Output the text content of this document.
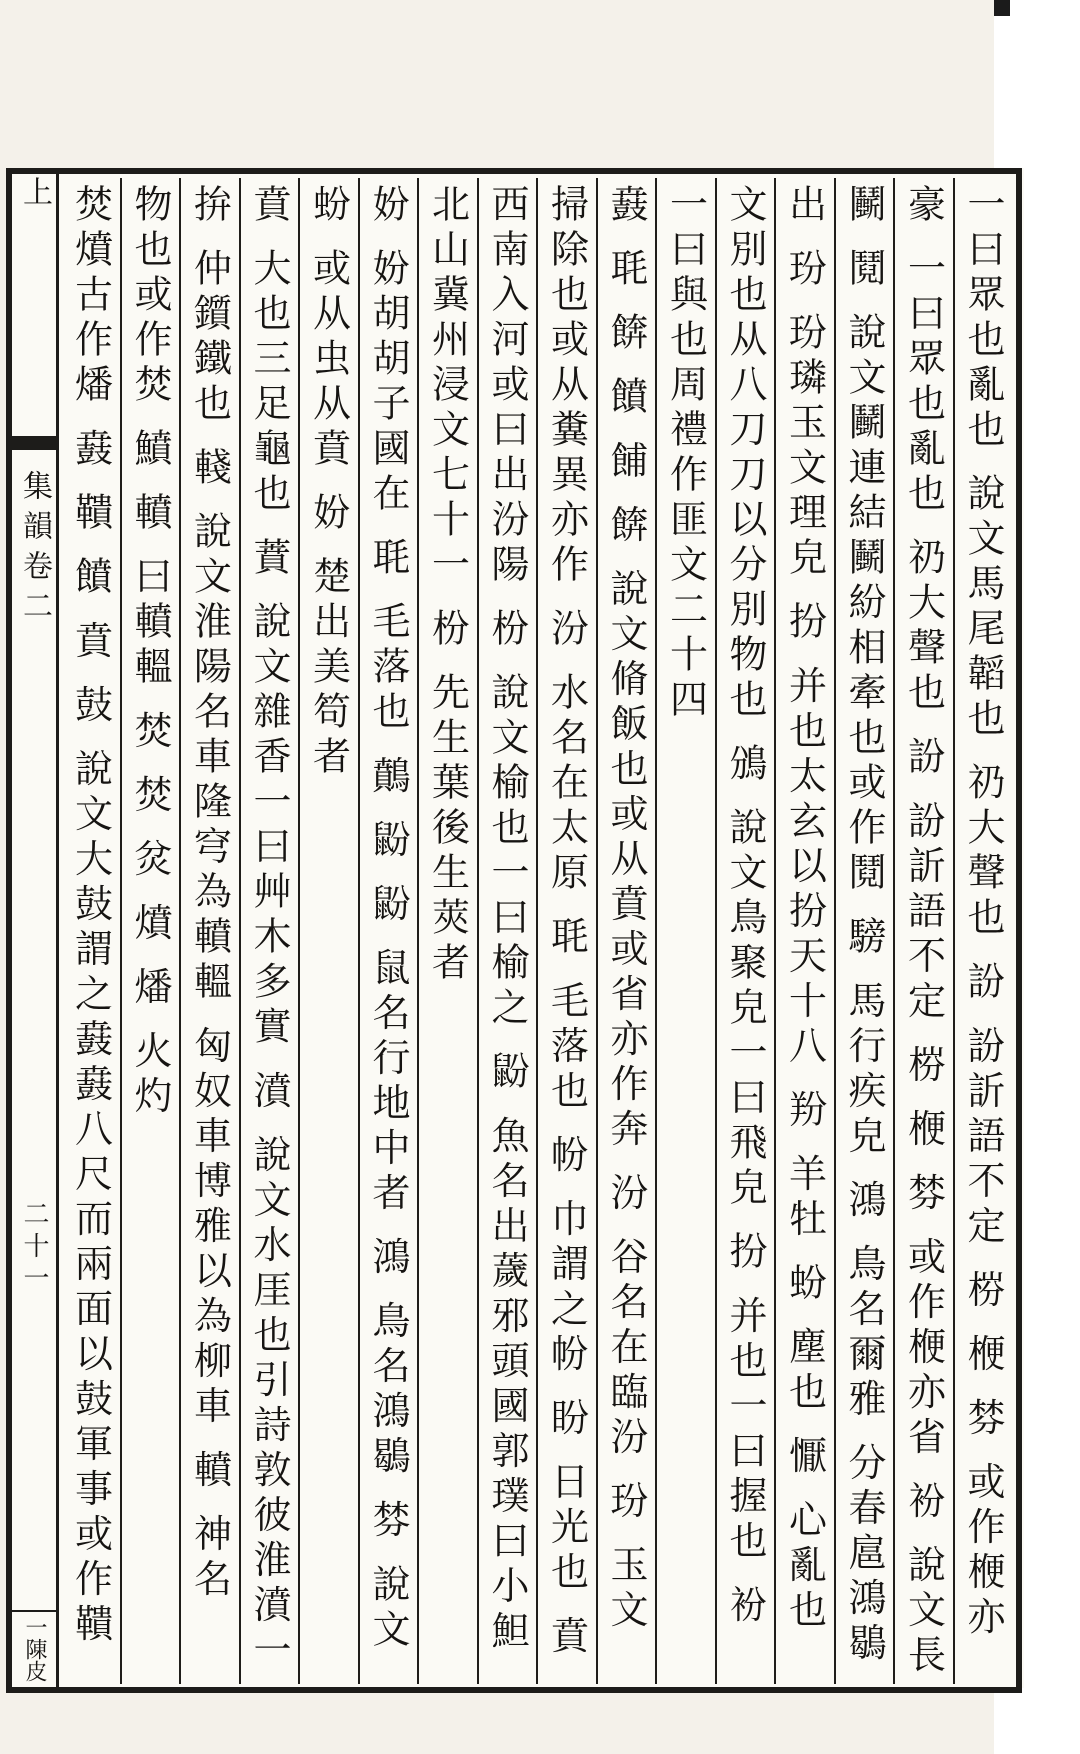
上
集韻卷二
二十一
一陳皮
一曰眾也亂也 說文馬尾韜也 礽大聲也 訜 訜訢語不定 梤 楩 棼 或作楩亦
豪 一曰眾也亂也 礽大聲也 訜 訜訢語不定 梤 楩 棼 或作楩亦省 衯 說文長
鬭 鬩 說文鬭連結鬭紛相牽也或作鬩 騯 馬行疾皃 鴻 鳥名爾雅 分春扈鴻鶡
出 玢 玢璘玉文理皃 扮 并也太玄以扮天十八 羒 羊牡 蚡 塵也 懨 心亂也
文別也从八刀刀以分別物也 鳻 說文鳥聚皃一曰飛皃 扮 并也一曰握也 衯
一曰與也周禮作匪文二十四
鼖 毦 餴 饙 餔 餴 說文脩飯也或从賁或省亦作奔 汾 谷名在臨汾 玢 玉文
掃除也或从糞異亦作 汾 水名在太原 毦 毛落也 帉 巾謂之帉 盼 日光也 賁
西南入河或曰出汾陽 枌 說文榆也一曰榆之 鼢 魚名出薉邪頭國郭璞曰小䱇
北山冀州浸文七十一 枌 先生葉後生莢者
妢 妢胡胡子國在 毦 毛落也 䴅 鼢 鼢 鼠名行地中者 鴻 鳥名鴻鶡 棼 說文
蚡 或从虫从賁 妢 楚出美笱者
賁 大也三足龜也 蕡 說文雜香一曰艸木多實 濆 說文水厓也引詩敦彼淮濆一
拚 仲鑕鐵也 輚 說文淮陽名車隆穹為轒轀 匈奴車博雅以為柳車 轒 神名
物也或作焚 鱝 轒 曰轒轀 焚 焚 炃 燌 燔 火灼
焚燌古作燔 鼖 鞼 饙 賁 鼓 說文大鼓謂之鼖鼖八尺而兩面以鼓軍事或作鞼
